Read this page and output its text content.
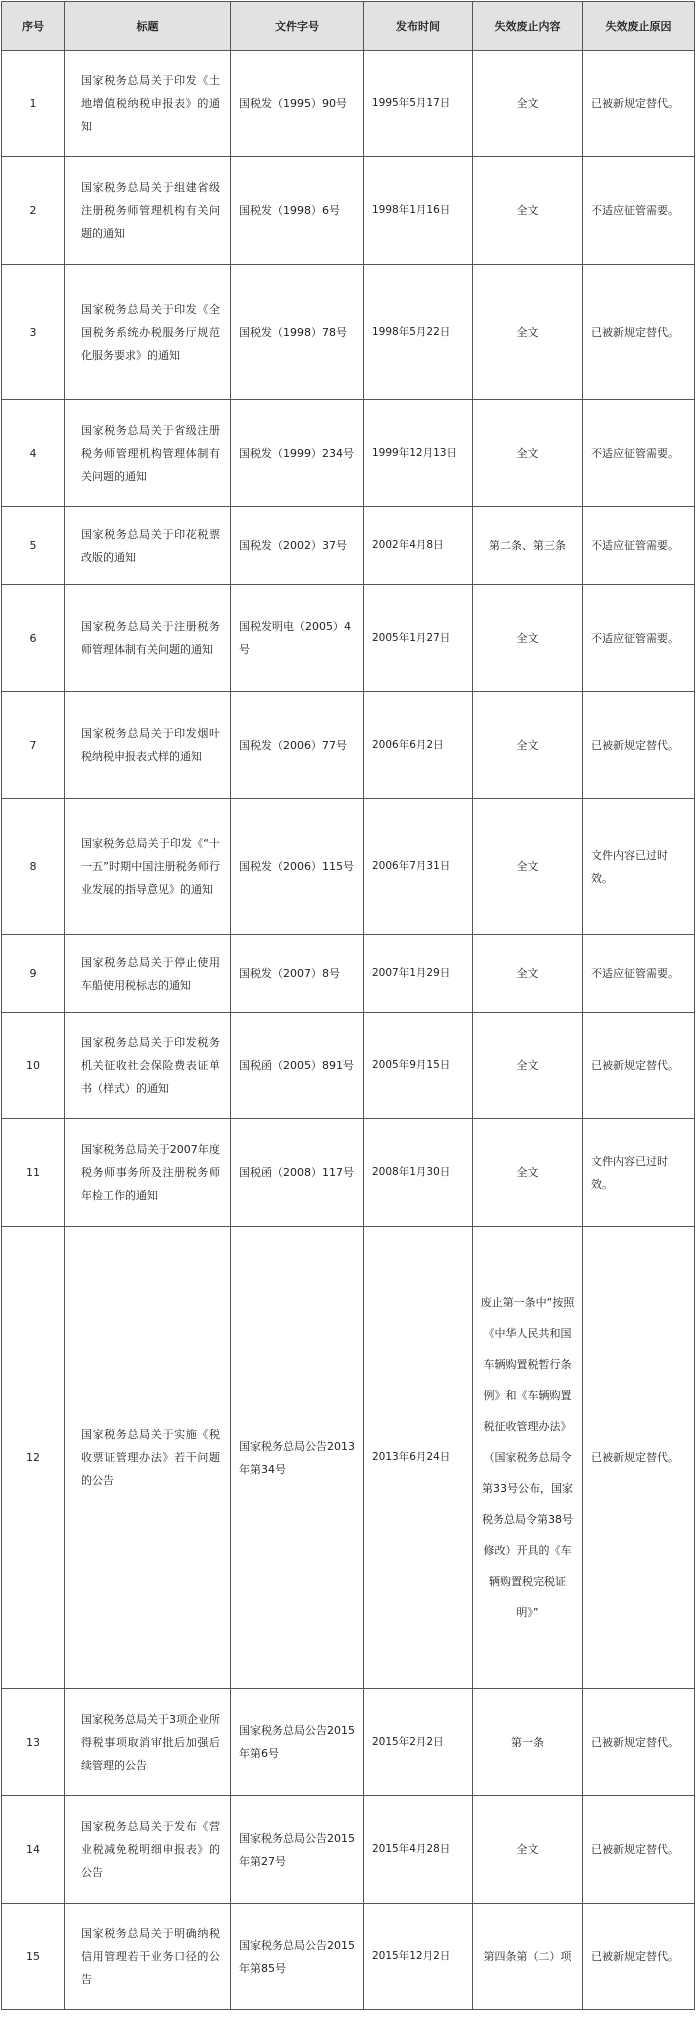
序号	标题	文件字号	发布时间	失效废止内容	失效废止原因
1	国家税务总局关于印发《土地增值税纳税申报表》的通知	国税发（1995）90号	1995年5月17日	全文	已被新规定替代。
2	国家税务总局关于组建省级注册税务师管理机构有关问题的通知	国税发（1998）6号	1998年1月16日	全文	不适应征管需要。
3	国家税务总局关于印发《全国税务系统办税服务厅规范化服务要求》的通知	国税发（1998）78号	1998年5月22日	全文	已被新规定替代。
4	国家税务总局关于省级注册税务师管理机构管理体制有关问题的通知	国税发（1999）234号	1999年12月13日	全文	不适应征管需要。
5	国家税务总局关于印花税票改版的通知	国税发（2002）37号	2002年4月8日	第二条、第三条	不适应征管需要。
6	国家税务总局关于注册税务师管理体制有关问题的通知	国税发明电（2005）4号	2005年1月27日	全文	不适应征管需要。
7	国家税务总局关于印发烟叶税纳税申报表式样的通知	国税发（2006）77号	2006年6月2日	全文	已被新规定替代。
8	国家税务总局关于印发《“十一五”时期中国注册税务师行业发展的指导意见》的通知	国税发（2006）115号	2006年7月31日	全文	文件内容已过时效。
9	国家税务总局关于停止使用车船使用税标志的通知	国税发（2007）8号	2007年1月29日	全文	不适应征管需要。
10	国家税务总局关于印发税务机关征收社会保险费表证单书（样式）的通知	国税函（2005）891号	2005年9月15日	全文	已被新规定替代。
11	国家税务总局关于2007年度税务师事务所及注册税务师年检工作的通知	国税函（2008）117号	2008年1月30日	全文	文件内容已过时效。
12	国家税务总局关于实施《税收票证管理办法》若干问题的公告	国家税务总局公告2013年第34号	2013年6月24日	废止第一条中“按照《中华人民共和国车辆购置税暂行条例》和《车辆购置税征收管理办法》（国家税务总局令第33号公布，国家税务总局令第38号修改）开具的《车辆购置税完税证明》”	已被新规定替代。
13	国家税务总局关于3项企业所得税事项取消审批后加强后续管理的公告	国家税务总局公告2015年第6号	2015年2月2日	第一条	已被新规定替代。
14	国家税务总局关于发布《营业税减免税明细申报表》的公告	国家税务总局公告2015年第27号	2015年4月28日	全文	已被新规定替代。
15	国家税务总局关于明确纳税信用管理若干业务口径的公告	国家税务总局公告2015年第85号	2015年12月2日	第四条第（二）项	已被新规定替代。
